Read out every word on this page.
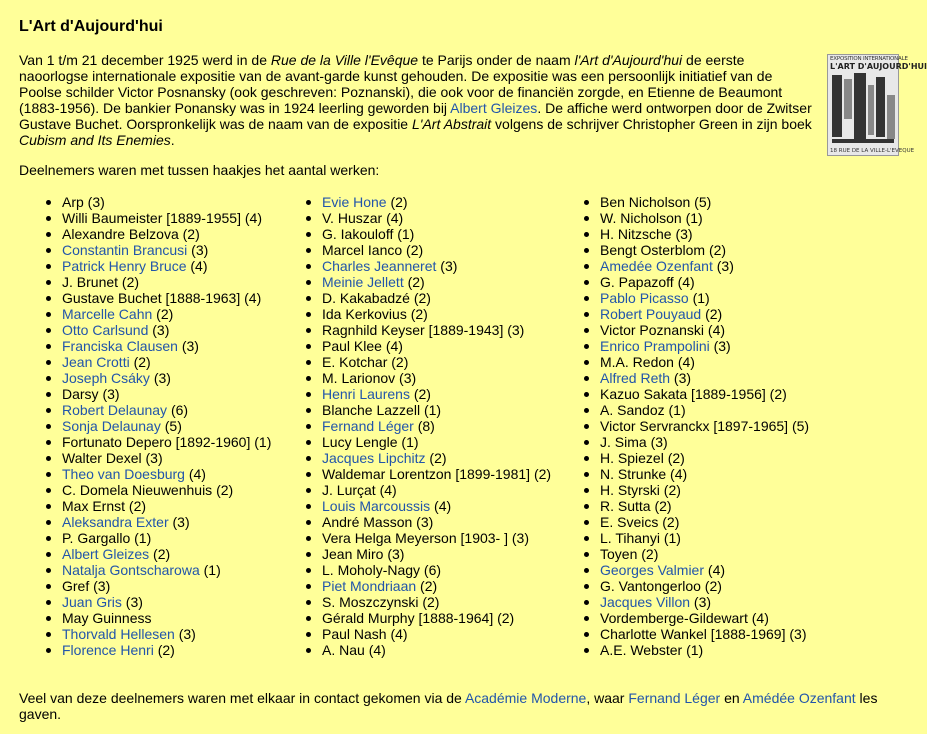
L'Art d'Aujourd'hui

Van 1 t/m 21 december 1925 werd in de Rue de la Ville l'Evêque te Parijs onder de naam l'Art d'Aujourd'hui de eerste naoorlogse internationale expositie van de avant-garde kunst gehouden. De expositie was een persoonlijk initiatief van de Poolse schilder Victor Posnansky (ook geschreven: Poznanski), die ook voor de financiën zorgde, en Etienne de Beaumont (1883-1956). De bankier Ponansky was in 1924 leerling geworden bij Albert Gleizes. De affiche werd ontworpen door de Zwitser Gustave Buchet. Oorspronkelijk was de naam van de expositie L'Art Abstrait volgens de schrijver Christopher Green in zijn boek Cubism and Its Enemies.

EXPOSITION INTERNATIONALE
L'ART D'AUJOURD'HUI
18 RUE DE LA VILLE-L'EVEQUE

Deelnemers waren met tussen haakjes het aantal werken:

Arp (3)
Willi Baumeister [1889-1955] (4)
Alexandre Belzova (2)
Constantin Brancusi (3)
Patrick Henry Bruce (4)
J. Brunet (2)
Gustave Buchet [1888-1963] (4)
Marcelle Cahn (2)
Otto Carlsund (3)
Franciska Clausen (3)
Jean Crotti (2)
Joseph Csáky (3)
Darsy (3)
Robert Delaunay (6)
Sonja Delaunay (5)
Fortunato Depero [1892-1960] (1)
Walter Dexel (3)
Theo van Doesburg (4)
C. Domela Nieuwenhuis (2)
Max Ernst (2)
Aleksandra Exter (3)
P. Gargallo (1)
Albert Gleizes (2)
Natalja Gontscharowa (1)
Gref (3)
Juan Gris (3)
May Guinness
Thorvald Hellesen (3)
Florence Henri (2)
Evie Hone (2)
V. Huszar (4)
G. Iakouloff (1)
Marcel Ianco (2)
Charles Jeanneret (3)
Meinie Jellett (2)
D. Kakabadzé (2)
Ida Kerkovius (2)
Ragnhild Keyser [1889-1943] (3)
Paul Klee (4)
E. Kotchar (2)
M. Larionov (3)
Henri Laurens (2)
Blanche Lazzell (1)
Fernand Léger (8)
Lucy Lengle (1)
Jacques Lipchitz (2)
Waldemar Lorentzon [1899-1981] (2)
J. Lurçat (4)
Louis Marcoussis (4)
André Masson (3)
Vera Helga Meyerson [1903- ] (3)
Jean Miro (3)
L. Moholy-Nagy (6)
Piet Mondriaan (2)
S. Moszczynski (2)
Gérald Murphy [1888-1964] (2)
Paul Nash (4)
A. Nau (4)
Ben Nicholson (5)
W. Nicholson (1)
H. Nitzsche (3)
Bengt Osterblom (2)
Amedée Ozenfant (3)
G. Papazoff (4)
Pablo Picasso (1)
Robert Pouyaud (2)
Victor Poznanski (4)
Enrico Prampolini (3)
M.A. Redon (4)
Alfred Reth (3)
Kazuo Sakata [1889-1956] (2)
A. Sandoz (1)
Victor Servranckx [1897-1965] (5)
J. Sima (3)
H. Spiezel (2)
N. Strunke (4)
H. Styrski (2)
R. Sutta (2)
E. Sveics (2)
L. Tihanyi (1)
Toyen (2)
Georges Valmier (4)
G. Vantongerloo (2)
Jacques Villon (3)
Vordemberge-Gildewart (4)
Charlotte Wankel [1888-1969] (3)
A.E. Webster (1)

Veel van deze deelnemers waren met elkaar in contact gekomen via de Académie Moderne, waar Fernand Léger en Amédée Ozenfant les gaven.
